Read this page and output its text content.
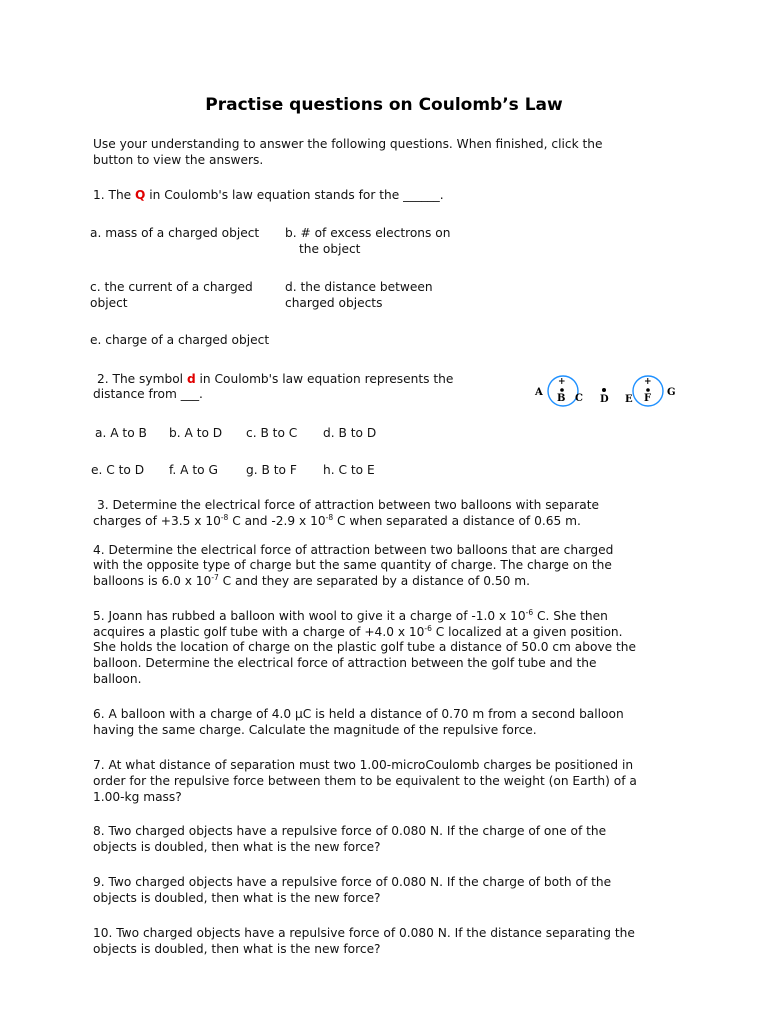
Practise questions on Coulomb’s Law
Use your understanding to answer the following questions. When finished, click the
button to view the answers.
1. The Q in Coulomb's law equation stands for the ______.
a. mass of a charged object b. # of excess electrons on
the object
c. the current of a charged
object
d. the distance between
charged objects
e. charge of a charged object
2. The symbol d in Coulomb's law equation represents the
distance from ___.	A
+
B C D E
+
F
G
a. A to B b. A to D c. B to C d. B to D
e. C to D f. A to G g. B to F h. C to E
3. Determine the electrical force of attraction between two balloons with separate
charges of +3.5 x $10^{-8}$ C and -2.9 x $10^{-8}$ C when separated a distance of 0.65 m.
4. Determine the electrical force of attraction between two balloons that are charged
with the opposite type of charge but the same quantity of charge. The charge on the
balloons is 6.0 x $10^{-7}$ C and they are separated by a distance of 0.50 m.
5. Joann has rubbed a balloon with wool to give it a charge of -1.0 x $10^{-6}$ C. She then
acquires a plastic golf tube with a charge of +4.0 x $10^{-6}$ C localized at a given position.
She holds the location of charge on the plastic golf tube a distance of 50.0 cm above the
balloon. Determine the electrical force of attraction between the golf tube and the
balloon.
6. A balloon with a charge of 4.0 µC is held a distance of 0.70 m from a second balloon
having the same charge. Calculate the magnitude of the repulsive force.
7. At what distance of separation must two 1.00-microCoulomb charges be positioned in
order for the repulsive force between them to be equivalent to the weight (on Earth) of a
1.00-kg mass?
8. Two charged objects have a repulsive force of 0.080 N. If the charge of one of the
objects is doubled, then what is the new force?
9. Two charged objects have a repulsive force of 0.080 N. If the charge of both of the
objects is doubled, then what is the new force?
10. Two charged objects have a repulsive force of 0.080 N. If the distance separating the
objects is doubled, then what is the new force?
